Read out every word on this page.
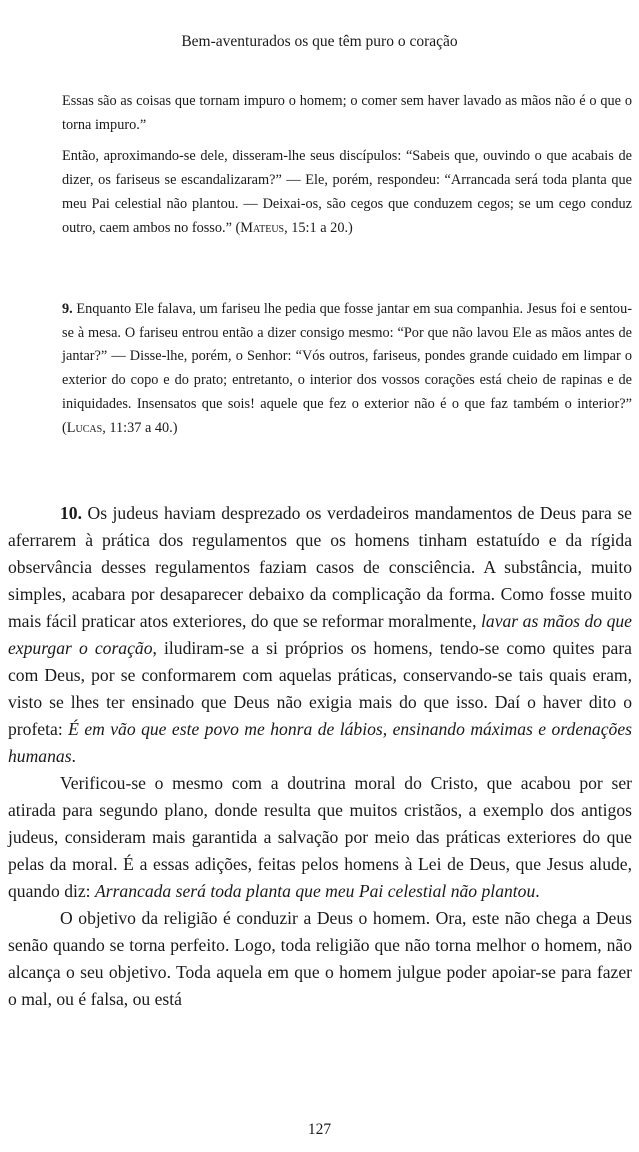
Bem-aventurados os que têm puro o coração

Essas são as coisas que tornam impuro o homem; o comer sem haver lavado as mãos não é o que o torna impuro.”

Então, aproximando-se dele, disseram-lhe seus discípulos: “Sabeis que, ouvindo o que acabais de dizer, os fariseus se escandalizaram?” — Ele, porém, respondeu: “Arrancada será toda planta que meu Pai celestial não plantou. — Deixai-os, são cegos que conduzem cegos; se um cego conduz outro, caem ambos no fosso.” (Mateus, 15:1 a 20.)

9. Enquanto Ele falava, um fariseu lhe pedia que fosse jantar em sua companhia. Jesus foi e sentou-se à mesa. O fariseu entrou então a dizer consigo mesmo: “Por que não lavou Ele as mãos antes de jantar?” — Disse-lhe, porém, o Senhor: “Vós outros, fariseus, pondes grande cuidado em limpar o exterior do copo e do prato; entretanto, o interior dos vossos corações está cheio de rapinas e de iniquidades. Insensatos que sois! aquele que fez o exterior não é o que faz também o interior?” (Lucas, 11:37 a 40.)

10. Os judeus haviam desprezado os verdadeiros mandamentos de Deus para se aferrarem à prática dos regulamentos que os homens tinham estatuído e da rígida observância desses regulamentos faziam casos de consciência. A substância, muito simples, acabara por desaparecer debaixo da complicação da forma. Como fosse muito mais fácil praticar atos exteriores, do que se reformar moralmente, lavar as mãos do que expurgar o coração, iludiram-se a si próprios os homens, tendo-se como quites para com Deus, por se conformarem com aquelas práticas, conservando-se tais quais eram, visto se lhes ter ensinado que Deus não exigia mais do que isso. Daí o haver dito o profeta: É em vão que este povo me honra de lábios, ensinando máximas e ordenações humanas.

Verificou-se o mesmo com a doutrina moral do Cristo, que acabou por ser atirada para segundo plano, donde resulta que muitos cristãos, a exemplo dos antigos judeus, consideram mais garantida a salvação por meio das práticas exteriores do que pelas da moral. É a essas adições, feitas pelos homens à Lei de Deus, que Jesus alude, quando diz: Arrancada será toda planta que meu Pai celestial não plantou.

O objetivo da religião é conduzir a Deus o homem. Ora, este não chega a Deus senão quando se torna perfeito. Logo, toda religião que não torna melhor o homem, não alcança o seu objetivo. Toda aquela em que o homem julgue poder apoiar-se para fazer o mal, ou é falsa, ou está

127
